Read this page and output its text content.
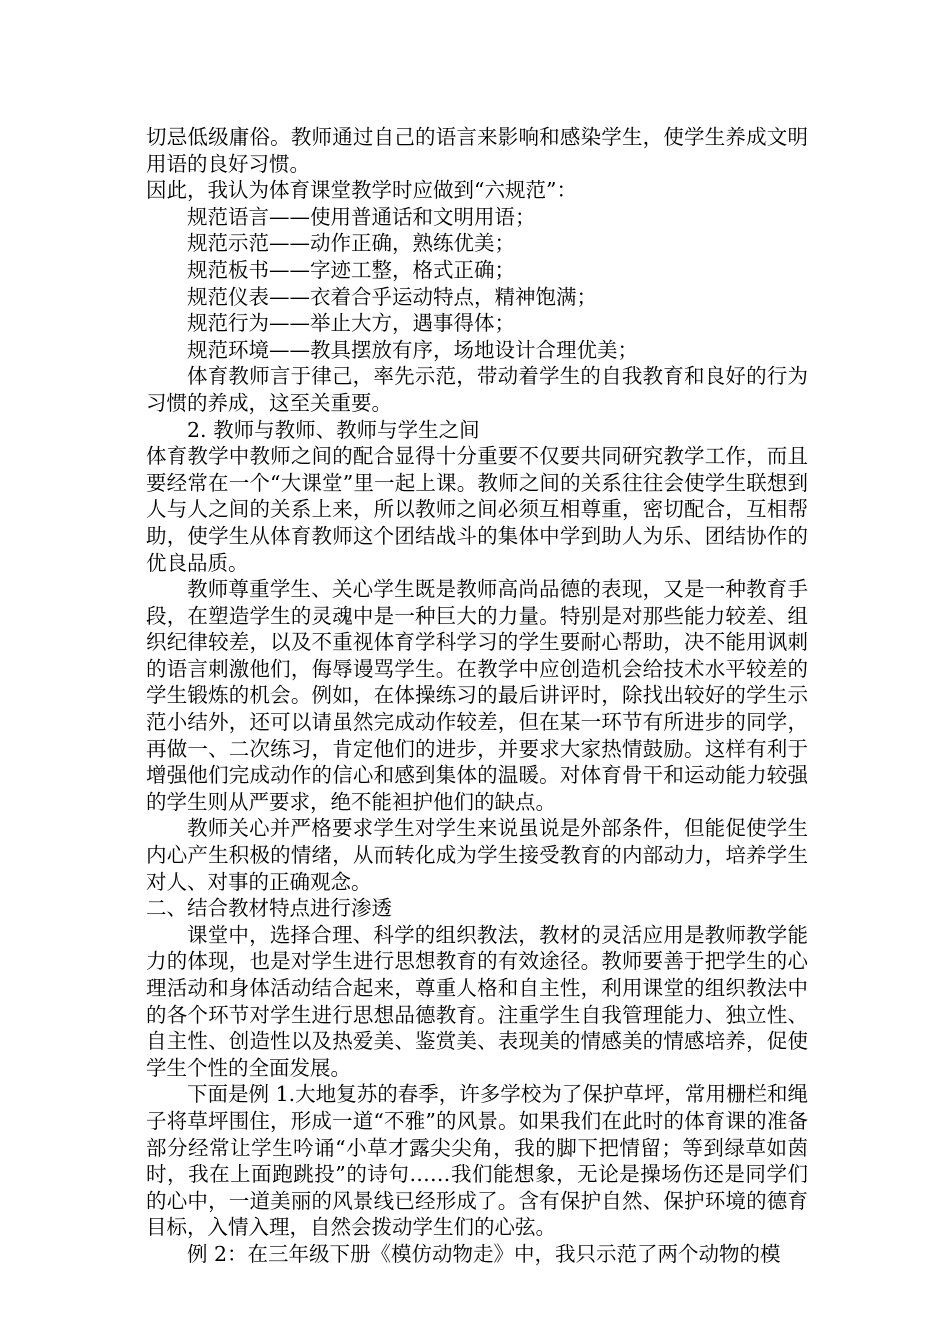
切忌低级庸俗。教师通过自己的语言来影响和感染学生，使学生养成文明用语的良好习惯。

因此，我认为体育课堂教学时应做到“六规范”：

规范语言——使用普通话和文明用语；

规范示范——动作正确，熟练优美；

规范板书——字迹工整，格式正确；

规范仪表——衣着合乎运动特点，精神饱满；

规范行为——举止大方，遇事得体；

规范环境——教具摆放有序，场地设计合理优美；

体育教师言于律己，率先示范，带动着学生的自我教育和良好的行为习惯的养成，这至关重要。

2. 教师与教师、教师与学生之间

体育教学中教师之间的配合显得十分重要不仅要共同研究教学工作，而且要经常在一个“大课堂”里一起上课。教师之间的关系往往会使学生联想到人与人之间的关系上来，所以教师之间必须互相尊重，密切配合，互相帮助，使学生从体育教师这个团结战斗的集体中学到助人为乐、团结协作的优良品质。

教师尊重学生、关心学生既是教师高尚品德的表现，又是一种教育手段，在塑造学生的灵魂中是一种巨大的力量。特别是对那些能力较差、组织纪律较差，以及不重视体育学科学习的学生要耐心帮助，决不能用讽刺的语言刺激他们，侮辱谩骂学生。在教学中应创造机会给技术水平较差的学生锻炼的机会。例如，在体操练习的最后讲评时，除找出较好的学生示范小结外，还可以请虽然完成动作较差，但在某一环节有所进步的同学，再做一、二次练习，肯定他们的进步，并要求大家热情鼓励。这样有利于增强他们完成动作的信心和感到集体的温暖。对体育骨干和运动能力较强的学生则从严要求，绝不能袒护他们的缺点。

教师关心并严格要求学生对学生来说虽说是外部条件，但能促使学生内心产生积极的情绪，从而转化成为学生接受教育的内部动力，培养学生对人、对事的正确观念。

二、结合教材特点进行渗透

课堂中，选择合理、科学的组织教法，教材的灵活应用是教师教学能力的体现，也是对学生进行思想教育的有效途径。教师要善于把学生的心理活动和身体活动结合起来，尊重人格和自主性，利用课堂的组织教法中的各个环节对学生进行思想品德教育。注重学生自我管理能力、独立性、自主性、创造性以及热爱美、鉴赏美、表现美的情感美的情感培养，促使学生个性的全面发展。

下面是例 1.大地复苏的春季，许多学校为了保护草坪，常用栅栏和绳子将草坪围住，形成一道“不雅”的风景。如果我们在此时的体育课的准备部分经常让学生吟诵“小草才露尖尖角，我的脚下把情留；等到绿草如茵时，我在上面跑跳投”的诗句……我们能想象，无论是操场伤还是同学们的心中，一道美丽的风景线已经形成了。含有保护自然、保护环境的德育目标，入情入理，自然会拨动学生们的心弦。

例 2：在三年级下册《模仿动物走》中，我只示范了两个动物的模
